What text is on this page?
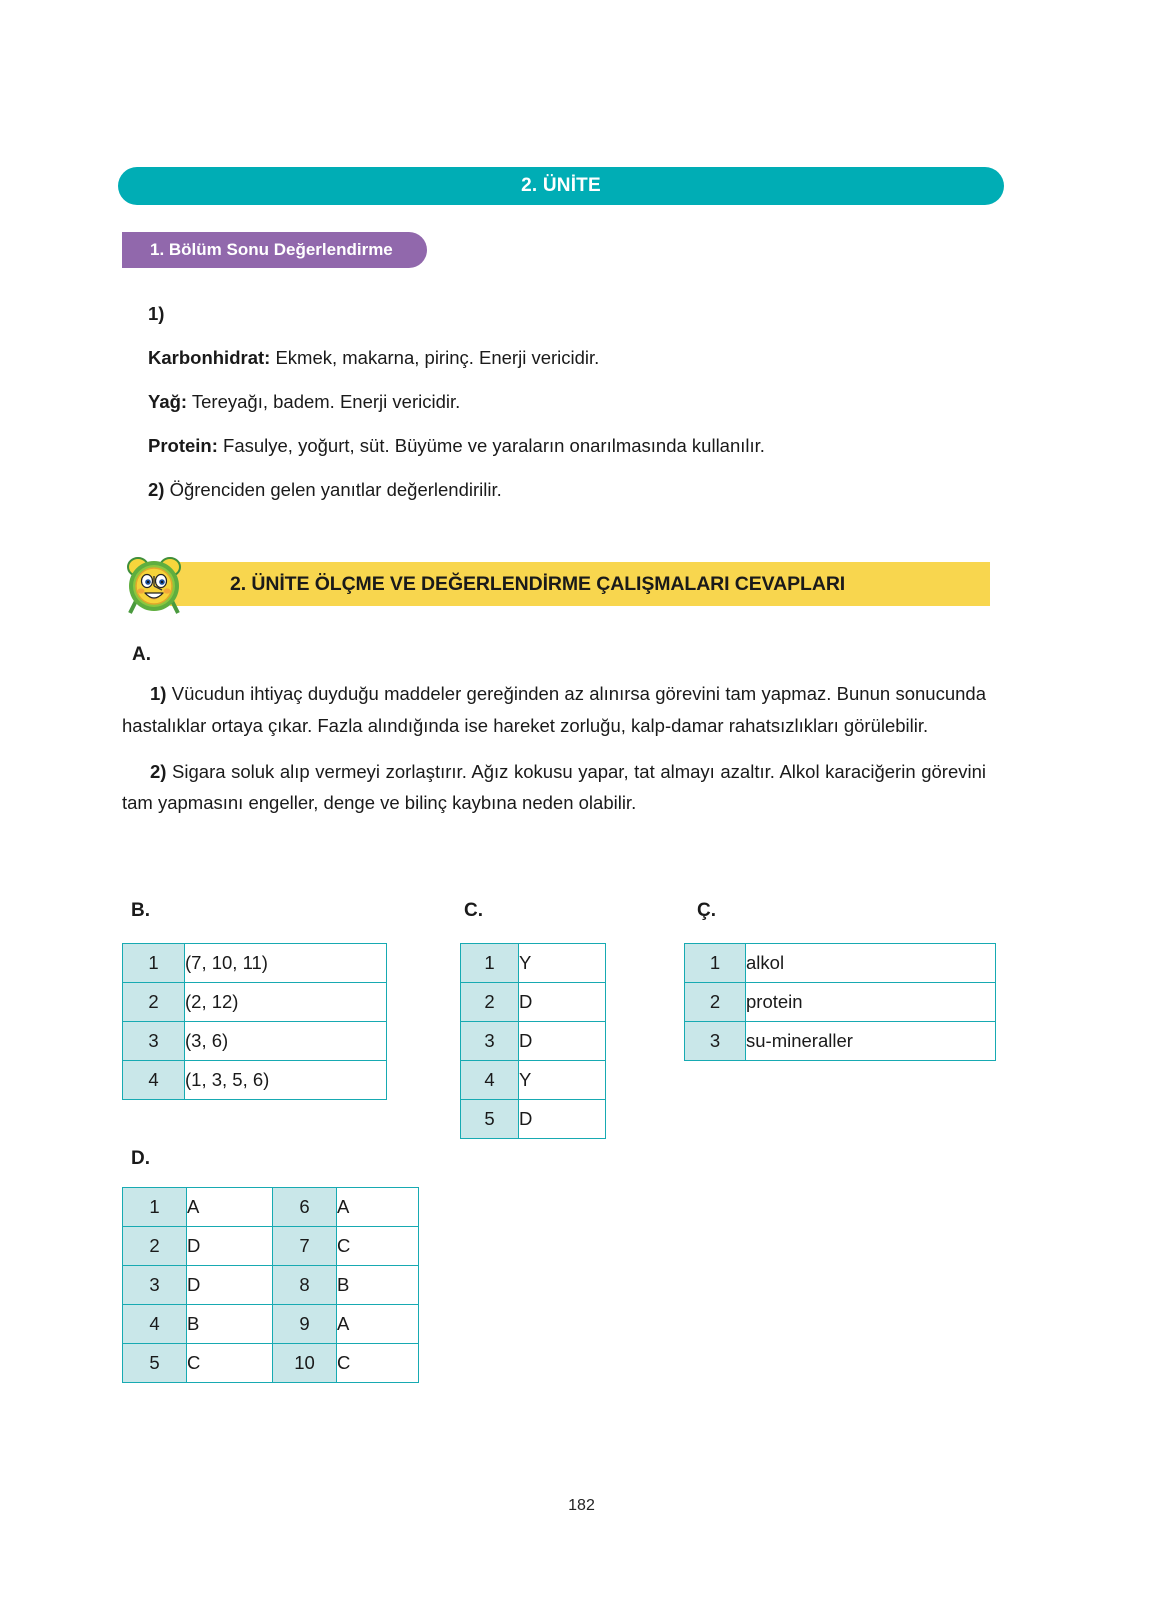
2. ÜNİTE
1. Bölüm Sonu Değerlendirme

1)

Karbonhidrat: Ekmek, makarna, pirinç. Enerji vericidir.

Yağ: Tereyağı, badem. Enerji vericidir.

Protein: Fasulye, yoğurt, süt. Büyüme ve yaraların onarılmasında kullanılır.

2) Öğrenciden gelen yanıtlar değerlendirilir.

2. ÜNİTE ÖLÇME VE DEĞERLENDİRME ÇALIŞMALARI CEVAPLARI
A.

1) Vücudun ihtiyaç duyduğu maddeler gereğinden az alınırsa görevini tam yapmaz. Bunun sonucunda hastalıklar ortaya çıkar. Fazla alındığında ise hareket zorluğu, kalp-damar rahatsızlıkları görülebilir.

2) Sigara soluk alıp vermeyi zorlaştırır. Ağız kokusu yapar, tat almayı azaltır. Alkol karaciğerin görevini tam yapmasını engeller, denge ve bilinç kaybına neden olabilir.

B.	C.	Ç.
D.
1	(7, 10, 11)
2	(2, 12)
3	(3, 6)
4	(1, 3, 5, 6)
1	Y
2	D
3	D
4	Y
5	D
1	alkol
2	protein
3	su-mineraller
1	A	6	A
2	D	7	C
3	D	8	B
4	B	9	A
5	C	10	C
182
